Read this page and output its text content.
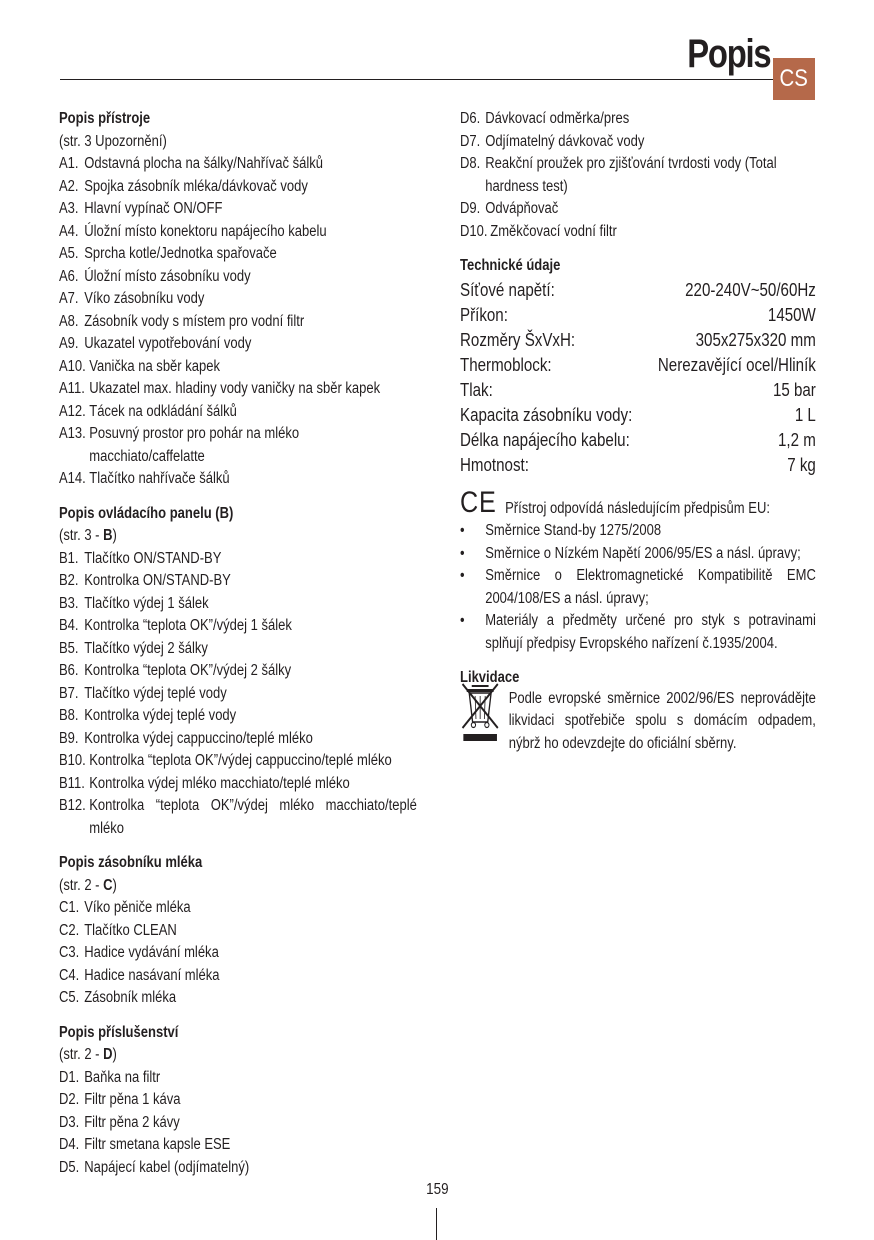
Popis
CS
Popis přístroje
(str. 3 Upozornění)
A1. Odstavná plocha na šálky/Nahřívač šálků
A2. Spojka zásobník mléka/dávkovač vody
A3. Hlavní vypínač ON/OFF
A4. Úložní místo konektoru napájecího kabelu
A5. Sprcha kotle/Jednotka spařovače
A6. Úložní místo zásobníku vody
A7. Víko zásobníku vody
A8. Zásobník vody s místem pro vodní filtr
A9. Ukazatel vypotřebování vody
A10. Vanička na sběr kapek
A11. Ukazatel max. hladiny vody vaničky na sběr kapek
A12. Tácek na odkládání šálků
A13. Posuvný prostor pro pohár na mléko macchiato/caffelatte
A14. Tlačítko nahřívače šálků
Popis ovládacího panelu (B)
(str. 3 - B)
B1. Tlačítko ON/STAND-BY
B2. Kontrolka ON/STAND-BY
B3. Tlačítko výdej 1 šálek
B4. Kontrolka “teplota OK”/výdej 1 šálek
B5. Tlačítko výdej 2 šálky
B6. Kontrolka “teplota OK”/výdej 2 šálky
B7. Tlačítko výdej teplé vody
B8. Kontrolka výdej teplé vody
B9. Kontrolka výdej cappuccino/teplé mléko
B10. Kontrolka “teplota OK”/výdej cappuccino/teplé mléko
B11. Kontrolka výdej mléko macchiato/teplé mléko
B12. Kontrolka “teplota OK”/výdej mléko macchiato/teplé mléko
Popis zásobníku mléka
(str. 2 - C)
C1. Víko pěniče mléka
C2. Tlačítko CLEAN
C3. Hadice vydávání mléka
C4. Hadice nasávaní mléka
C5. Zásobník mléka
Popis příslušenství
(str. 2 - D)
D1. Baňka na filtr
D2. Filtr pěna 1 káva
D3. Filtr pěna 2 kávy
D4. Filtr smetana kapsle ESE
D5. Napájecí kabel (odjímatelný)
D6. Dávkovací odměrka/pres
D7. Odjímatelný dávkovač vody
D8. Reakční proužek pro zjišťování tvrdosti vody (Total hardness test)
D9. Odvápňovač
D10. Změkčovací vodní filtr
Technické údaje
Síťové napětí:	220-240V~50/60Hz
Příkon:	1450W
Rozměry ŠxVxH:	305x275x320 mm
Thermoblock:	Nerezavějící ocel/Hliník
Tlak:	15 bar
Kapacita zásobníku vody:	1 L
Délka napájecího kabelu:	1,2 m
Hmotnost:	7 kg
CE Přístroj odpovídá následujícím předpisům EU:
•	Směrnice Stand-by 1275/2008
•	Směrnice o Nízkém Napětí 2006/95/ES a násl. úpravy;
•	Směrnice o Elektromagnetické Kompatibilitě EMC 2004/108/ES a násl. úpravy;
•	Materiály a předměty určené pro styk s potravinami splňují předpisy Evropského nařízení č.1935/2004.
Likvidace
Podle evropské směrnice 2002/96/ES neprovádějte likvidaci spotřebiče spolu s domácím odpadem, nýbrž ho odevzdejte do oficiální sběrny.
159
